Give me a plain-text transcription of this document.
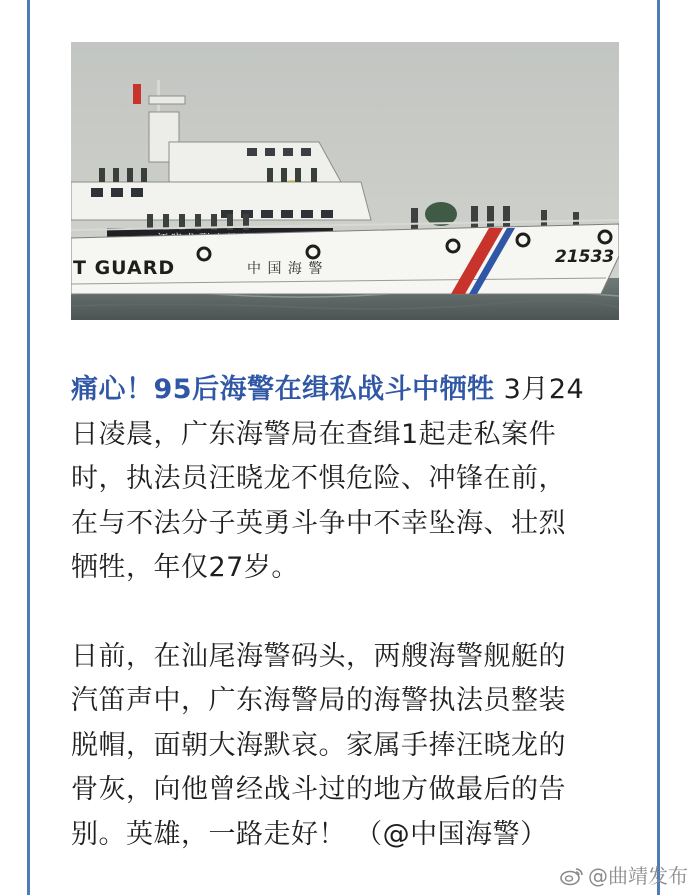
T GUARD	中 国 海 警
21533

痛心！95后海警在缉私战斗中牺牲 3月24
日凌晨，广东海警局在查缉1起走私案件
时，执法员汪晓龙不惧危险、冲锋在前，
在与不法分子英勇斗争中不幸坠海、壮烈
牺牲，年仅27岁。

日前，在汕尾海警码头，两艘海警舰艇的
汽笛声中，广东海警局的海警执法员整装
脱帽，面朝大海默哀。家属手捧汪晓龙的
骨灰，向他曾经战斗过的地方做最后的告
别。英雄，一路走好！ （@中国海警）

@曲靖发布
